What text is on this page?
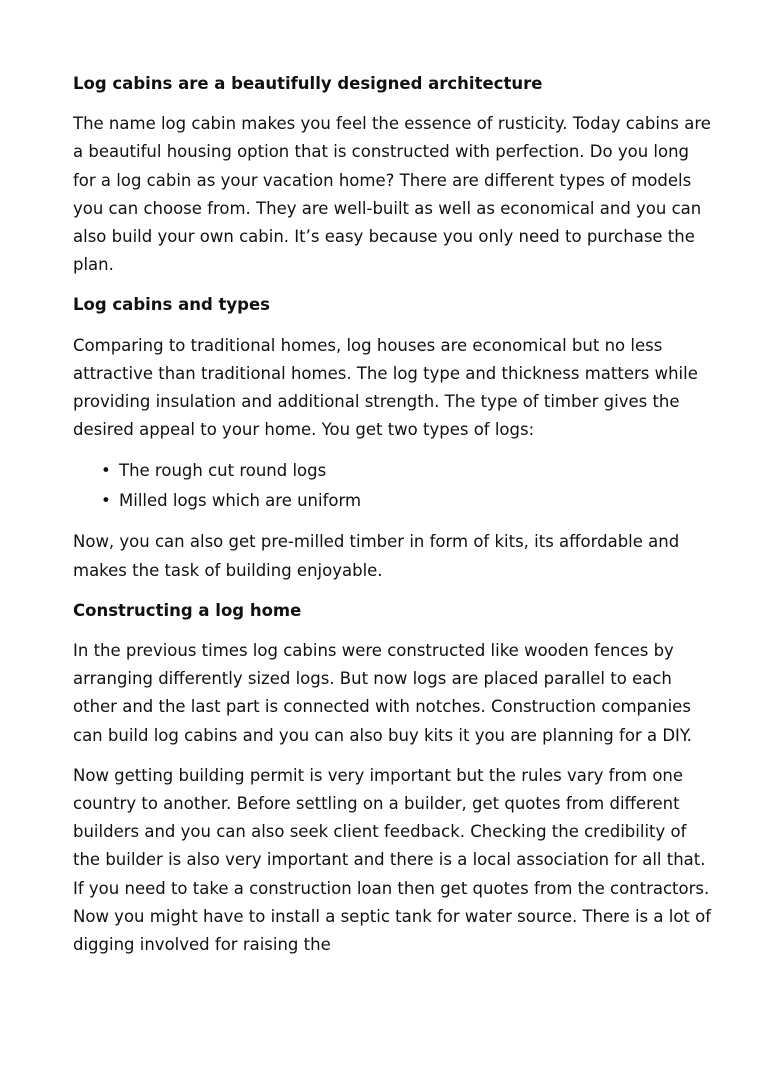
Log cabins are a beautifully designed architecture

The name log cabin makes you feel the essence of rusticity. Today cabins are a beautiful housing option that is constructed with perfection. Do you long for a log cabin as your vacation home? There are different types of models you can choose from. They are well-built as well as economical and you can also build your own cabin. It’s easy because you only need to purchase the plan.

Log cabins and types

Comparing to traditional homes, log houses are economical but no less attractive than traditional homes. The log type and thickness matters while providing insulation and additional strength. The type of timber gives the desired appeal to your home. You get two types of logs:

• The rough cut round logs
• Milled logs which are uniform

Now, you can also get pre-milled timber in form of kits, its affordable and makes the task of building enjoyable.

Constructing a log home

In the previous times log cabins were constructed like wooden fences by arranging differently sized logs. But now logs are placed parallel to each other and the last part is connected with notches. Construction companies can build log cabins and you can also buy kits it you are planning for a DIY.

Now getting building permit is very important but the rules vary from one country to another. Before settling on a builder, get quotes from different builders and you can also seek client feedback. Checking the credibility of the builder is also very important and there is a local association for all that. If you need to take a construction loan then get quotes from the contractors. Now you might have to install a septic tank for water source. There is a lot of digging involved for raising the
